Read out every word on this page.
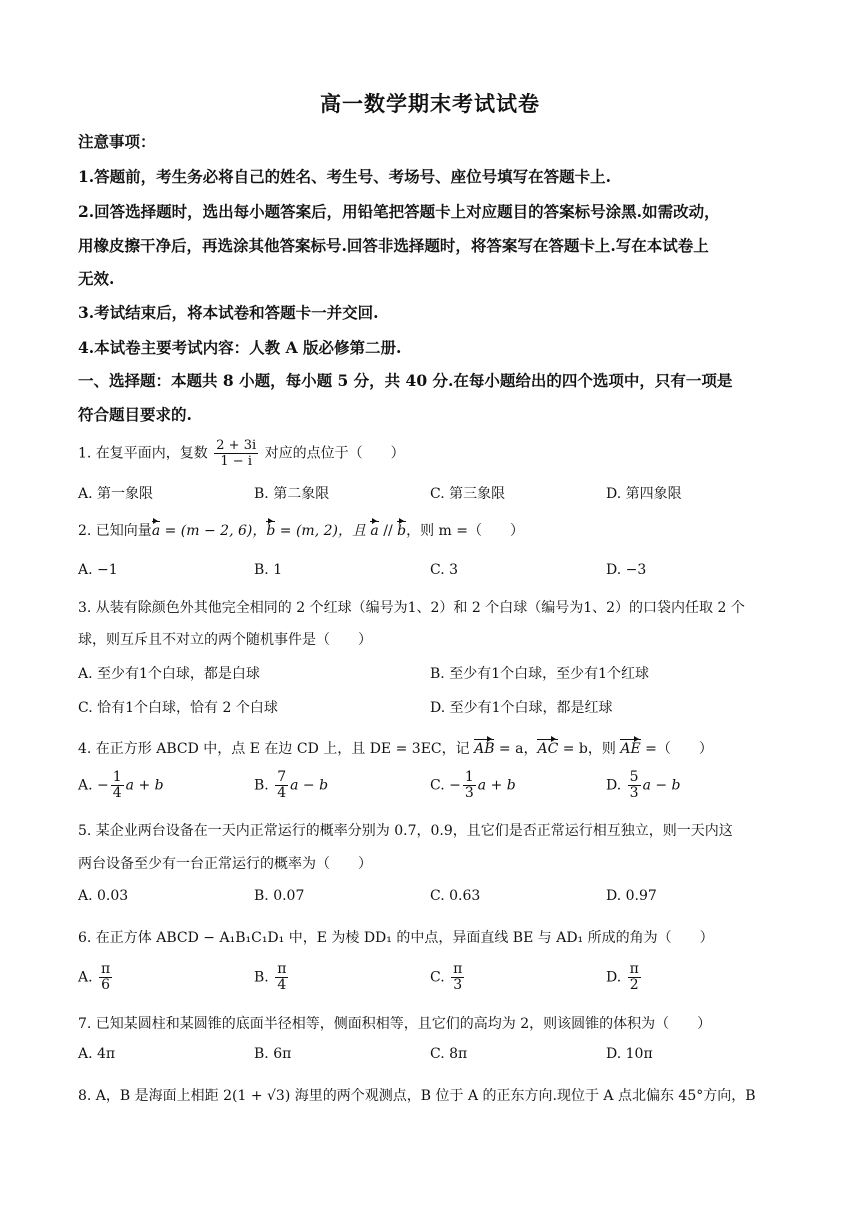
高一数学期末考试试卷
注意事项：
1.答题前，考生务必将自己的姓名、考生号、考场号、座位号填写在答题卡上.
2.回答选择题时，选出每小题答案后，用铅笔把答题卡上对应题目的答案标号涂黑.如需改动，
用橡皮擦干净后，再选涂其他答案标号.回答非选择题时，将答案写在答题卡上.写在本试卷上
无效.
3.考试结束后，将本试卷和答题卡一并交回.
4.本试卷主要考试内容：人教 A 版必修第二册.
一、选择题：本题共 8 小题，每小题 5 分，共 40 分.在每小题给出的四个选项中，只有一项是
符合题目要求的.
1. 在复平面内，复数 $\frac{2 + 3i}{1 - i}$ 对应的点位于（　　）
A. 第一象限	B. 第二象限	C. 第三象限	D. 第四象限
2. 已知向量a = (m − 2, 6)，b = (m, 2)，且 a // b，则 m =（　　）
A. −1	B. 1	C. 3	D. −3
3. 从装有除颜色外其他完全相同的 2 个红球（编号为1、2）和 2 个白球（编号为1、2）的口袋内任取 2 个
球，则互斥且不对立的两个随机事件是（　　）
A. 至少有1个白球，都是白球	B. 至少有1个白球，至少有1个红球
C. 恰有1个白球，恰有 2 个白球	D. 至少有1个白球，都是红球
4. 在正方形 ABCD 中，点 E 在边 CD 上，且 DE = 3EC，记 AB = a，AC = b，则 AE =（　　）
A. − $\frac{1}{4}$ a + b	B. $\frac{7}{4}$ a − b	C. − $\frac{1}{3}$ a + b	D. $\frac{5}{3}$ a − b
5. 某企业两台设备在一天内正常运行的概率分别为 0.7，0.9，且它们是否正常运行相互独立，则一天内这
两台设备至少有一台正常运行的概率为（　　）
A. 0.03	B. 0.07	C. 0.63	D. 0.97
6. 在正方体 ABCD − A₁B₁C₁D₁ 中，E 为棱 DD₁ 的中点，异面直线 BE 与 AD₁ 所成的角为（　　）
A. $\frac{\pi}{6}$	B. $\frac{\pi}{4}$	C. $\frac{\pi}{3}$	D. $\frac{\pi}{2}$
7. 已知某圆柱和某圆锥的底面半径相等，侧面积相等，且它们的高均为 2，则该圆锥的体积为（　　）
A. 4π	B. 6π	C. 8π	D. 10π
8. A，B 是海面上相距 2(1 + √3) 海里的两个观测点，B 位于 A 的正东方向.现位于 A 点北偏东 45°方向，B
